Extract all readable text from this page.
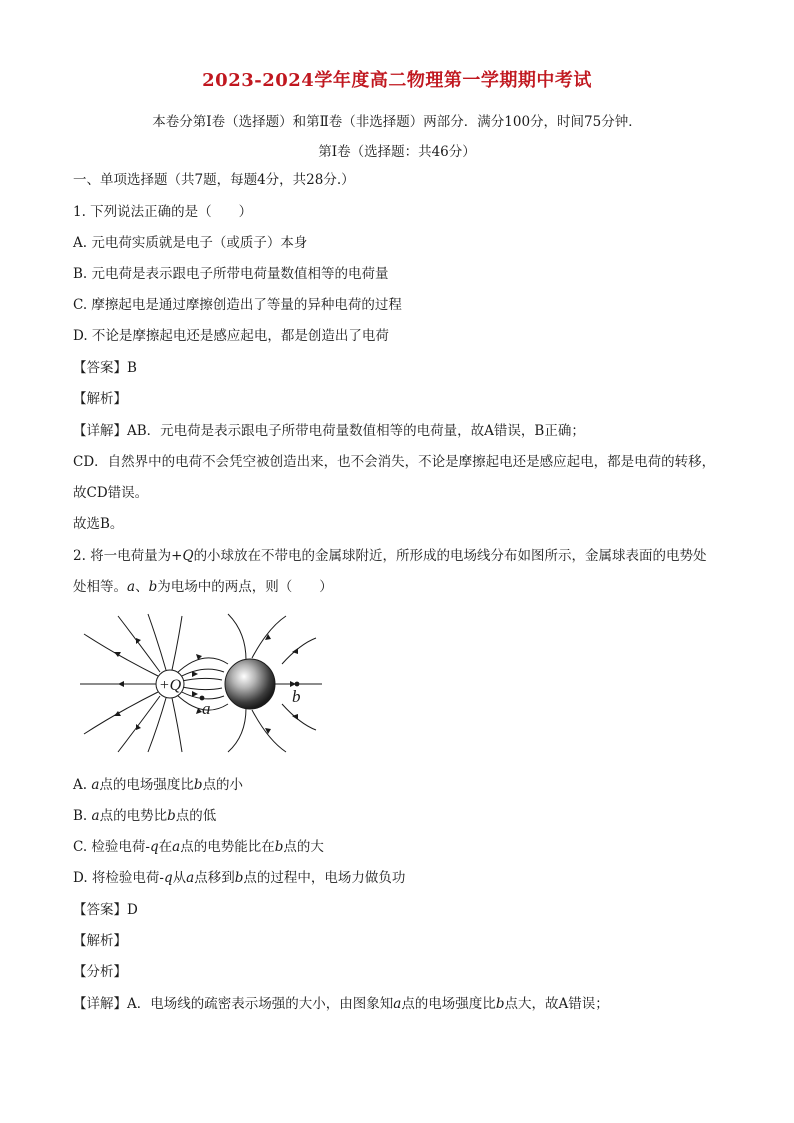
2023-2024学年度高二物理第一学期期中考试
本卷分第Ⅰ卷（选择题）和第Ⅱ卷（非选择题）两部分．满分100分，时间75分钟．
第Ⅰ卷（选择题：共46分）
一、单项选择题（共7题，每题4分，共28分.）
1. 下列说法正确的是（　　）
A. 元电荷实质就是电子（或质子）本身
B. 元电荷是表示跟电子所带电荷量数值相等的电荷量
C. 摩擦起电是通过摩擦创造出了等量的异种电荷的过程
D. 不论是摩擦起电还是感应起电，都是创造出了电荷
【答案】B
【解析】
【详解】AB．元电荷是表示跟电子所带电荷量数值相等的电荷量，故A错误，B正确；
CD．自然界中的电荷不会凭空被创造出来，也不会消失，不论是摩擦起电还是感应起电，都是电荷的转移，
故CD错误。
故选B。
2. 将一电荷量为+Q的小球放在不带电的金属球附近，所形成的电场线分布如图所示，金属球表面的电势处
处相等。a、b为电场中的两点，则（　　）
+Q
a
b
A. a点的电场强度比b点的小
B. a点的电势比b点的低
C. 检验电荷-q在a点的电势能比在b点的大
D. 将检验电荷-q从a点移到b点的过程中，电场力做负功
【答案】D
【解析】
【分析】
【详解】A．电场线的疏密表示场强的大小，由图象知a点的电场强度比b点大，故A错误；
